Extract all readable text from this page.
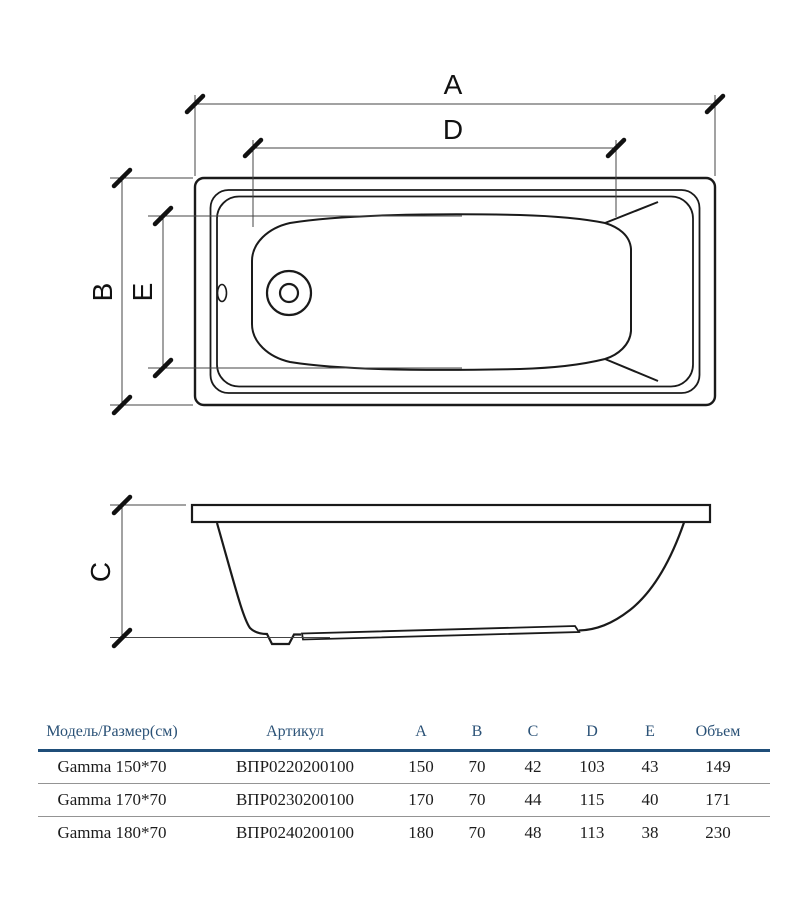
A
D
B E
C
Модель/Размер(см)	Артикул	A	B	C	D	E	Объем
Gamma 150*70	ВПР0220200100	150	70	42	103	43	149
Gamma 170*70	ВПР0230200100	170	70	44	115	40	171
Gamma 180*70	ВПР0240200100	180	70	48	113	38	230
